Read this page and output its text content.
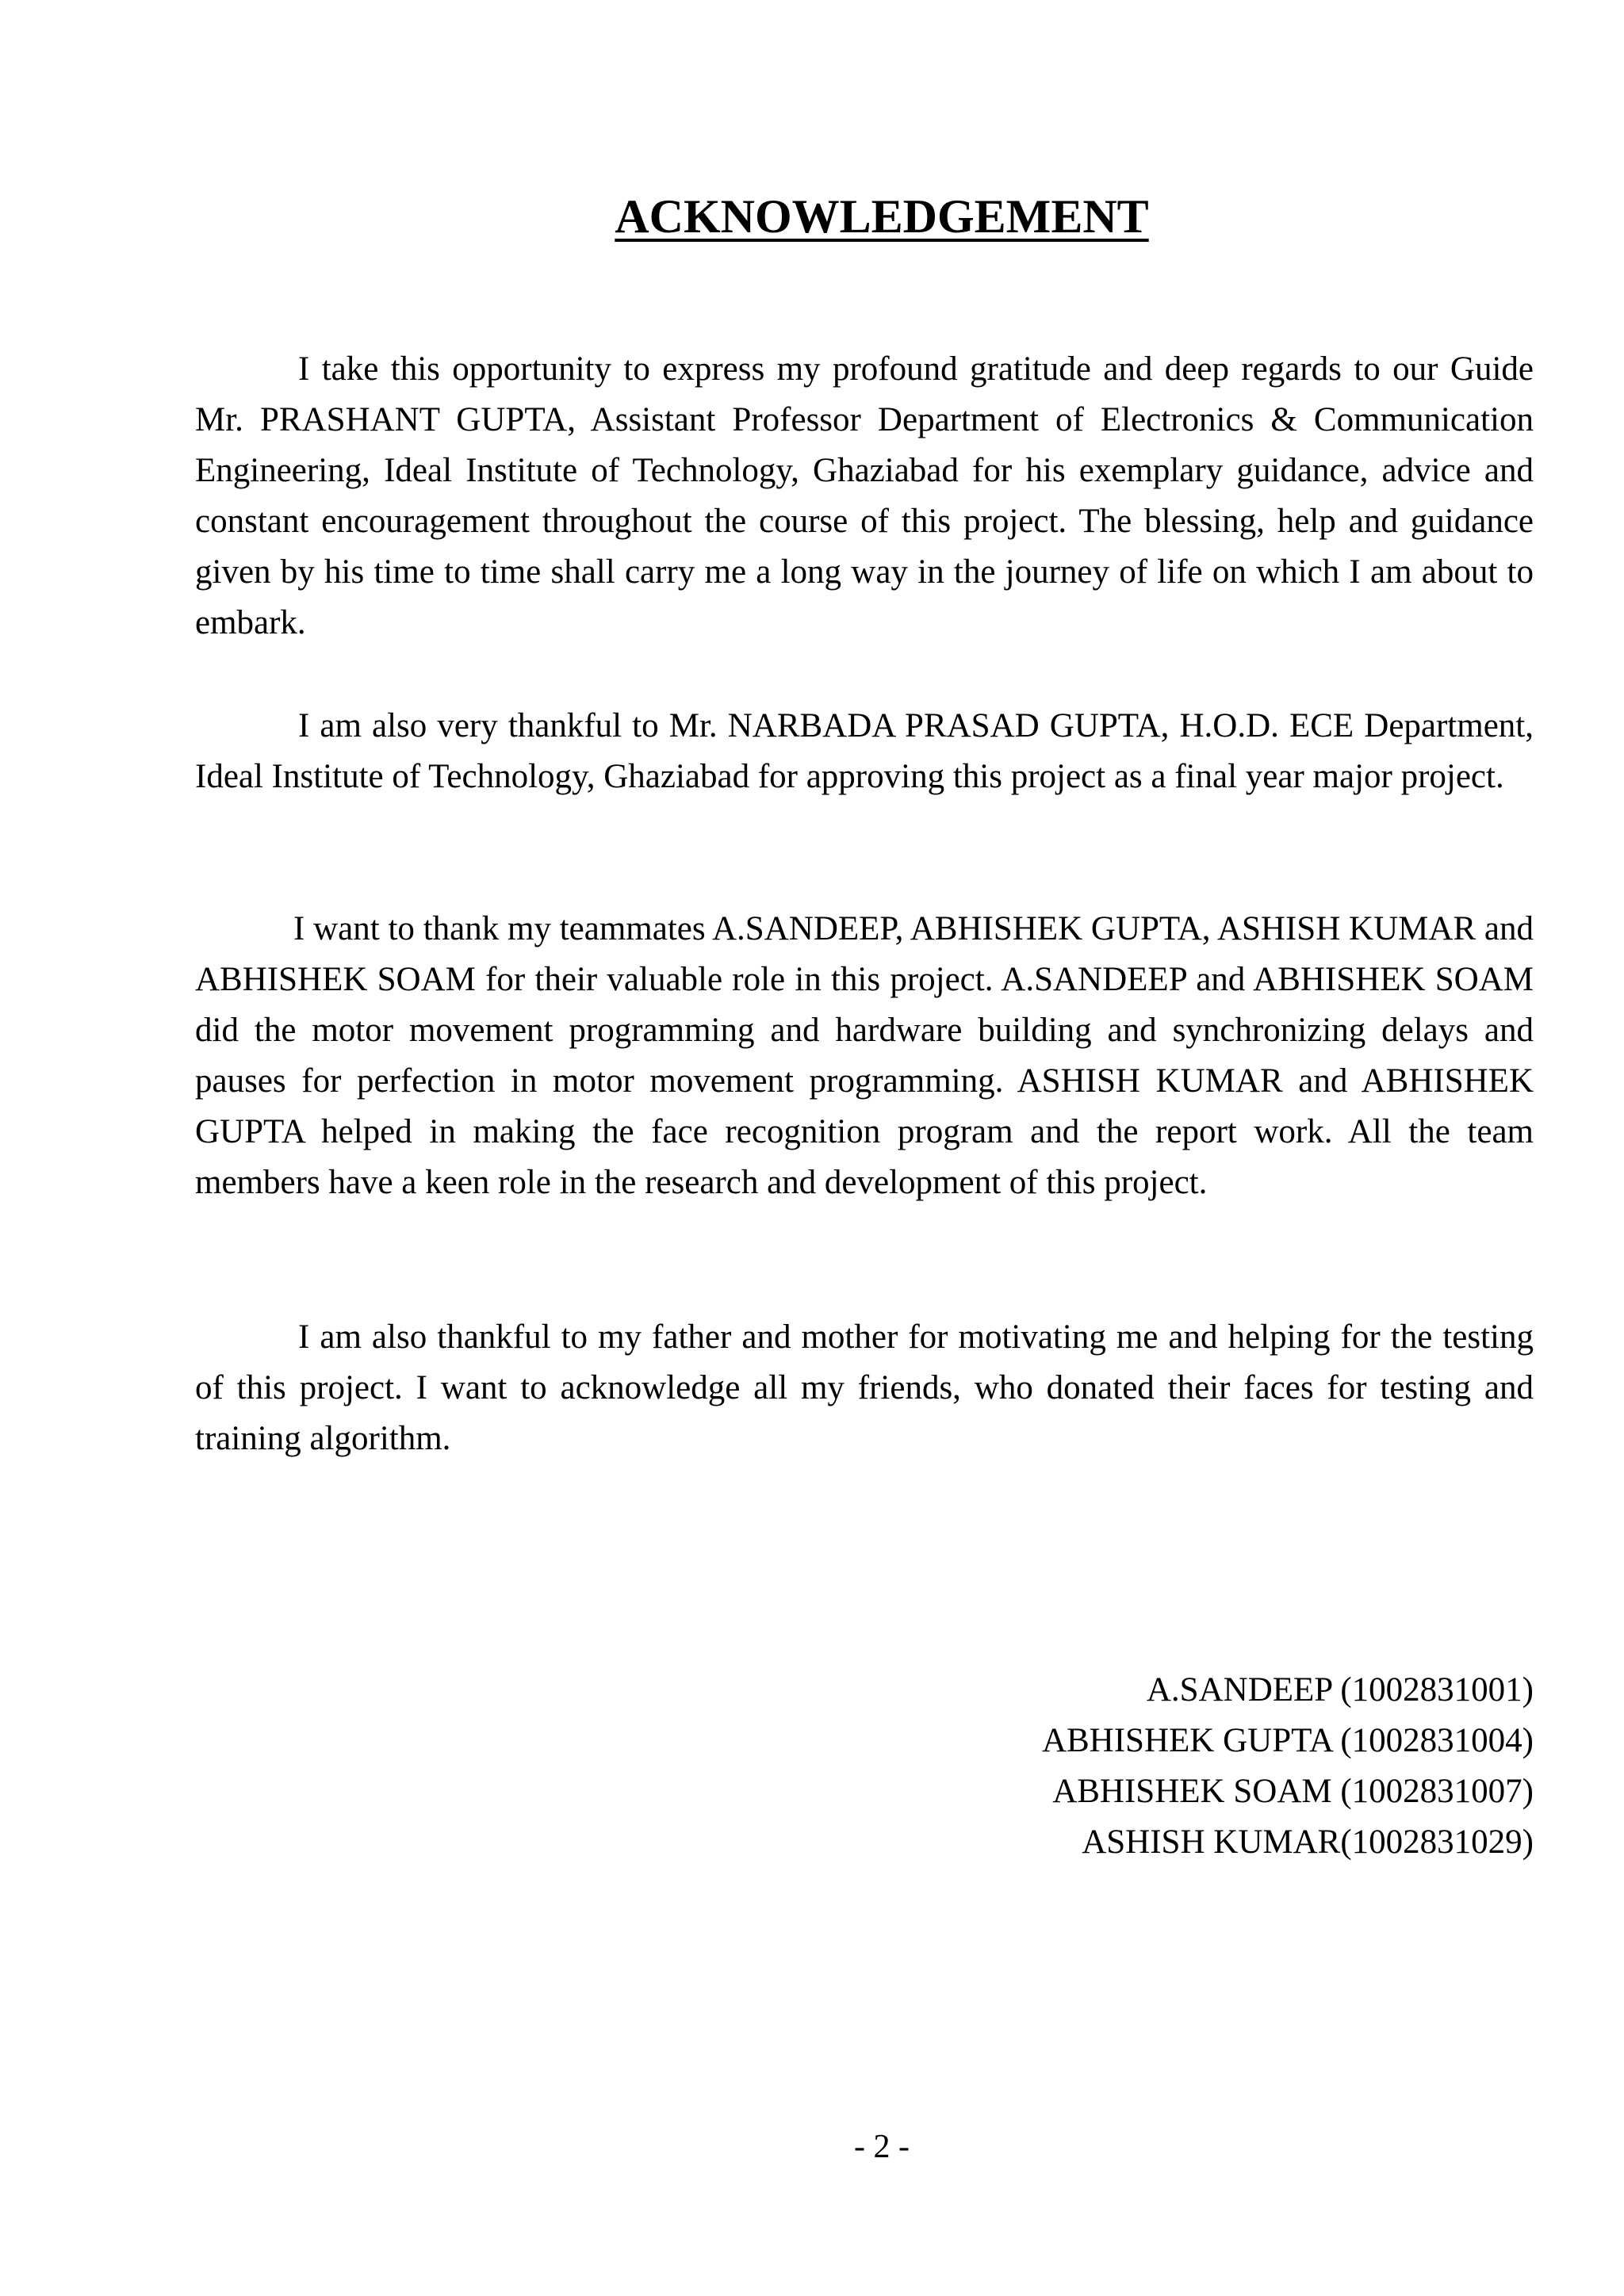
ACKNOWLEDGEMENT

I take this opportunity to express my profound gratitude and deep regards to our Guide Mr. PRASHANT GUPTA, Assistant Professor Department of Electronics & Communication Engineering, Ideal Institute of Technology, Ghaziabad for his exemplary guidance, advice and constant encouragement throughout the course of this project. The blessing, help and guidance given by his time to time shall carry me a long way in the journey of life on which I am about to embark.

I am also very thankful to Mr. NARBADA PRASAD GUPTA, H.O.D. ECE Department, Ideal Institute of Technology, Ghaziabad for approving this project as a final year major project.

I want to thank my teammates A.SANDEEP, ABHISHEK GUPTA, ASHISH KUMAR and ABHISHEK SOAM for their valuable role in this project. A.SANDEEP and ABHISHEK SOAM did the motor movement programming and hardware building and synchronizing delays and pauses for perfection in motor movement programming. ASHISH KUMAR and ABHISHEK GUPTA helped in making the face recognition program and the report work. All the team members have a keen role in the research and development of this project.

I am also thankful to my father and mother for motivating me and helping for the testing of this project. I want to acknowledge all my friends, who donated their faces for testing and training algorithm.

A.SANDEEP (1002831001)
ABHISHEK GUPTA (1002831004)
ABHISHEK SOAM (1002831007)
ASHISH KUMAR(1002831029)
- 2 -
